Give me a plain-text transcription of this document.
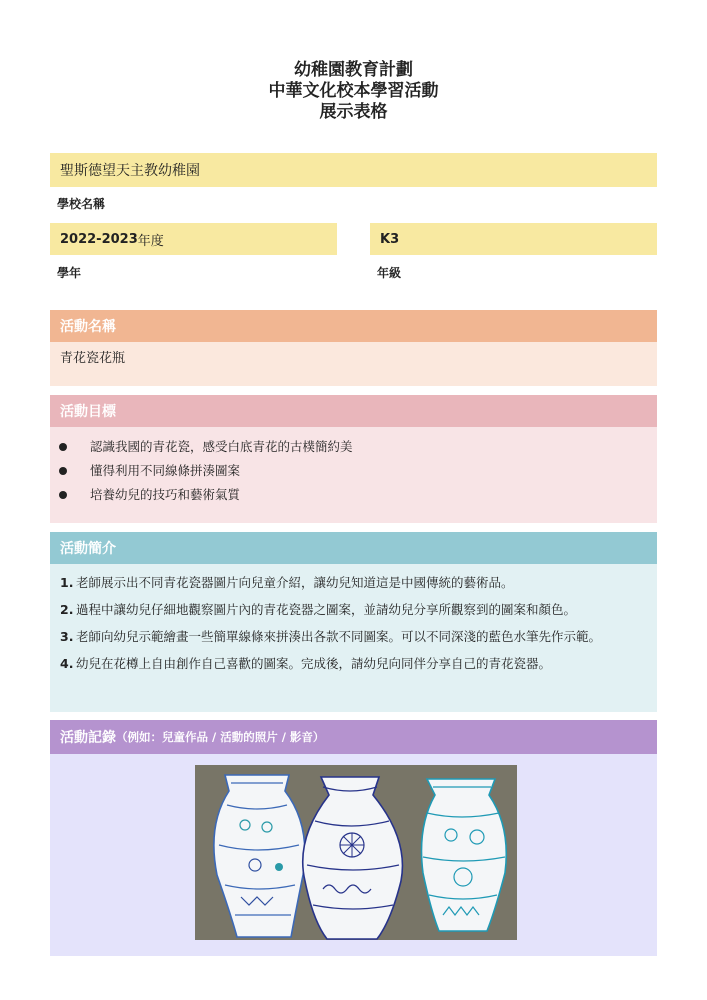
幼稚園教育計劃
中華文化校本學習活動
展示表格
聖斯德望天主教幼稚園
學校名稱
2022-2023 年度
學年
K3
年級
活動名稱
青花瓷花瓶
活動目標
認識我國的青花瓷，感受白底青花的古樸簡約美
懂得利用不同線條拼湊圖案
培養幼兒的技巧和藝術氣質
活動簡介
1. 老師展示出不同青花瓷器圖片向兒童介紹，讓幼兒知道這是中國傳統的藝術品。
2. 過程中讓幼兒仔細地觀察圖片內的青花瓷器之圖案，並請幼兒分享所觀察到的圖案和顏色。
3. 老師向幼兒示範繪畫一些簡單線條來拼湊出各款不同圖案。可以不同深淺的藍色水筆先作示範。
4. 幼兒在花樽上自由創作自己喜歡的圖案。完成後，請幼兒向同伴分享自己的青花瓷器。
活動記錄 （例如：兒童作品 / 活動的照片 / 影音）
